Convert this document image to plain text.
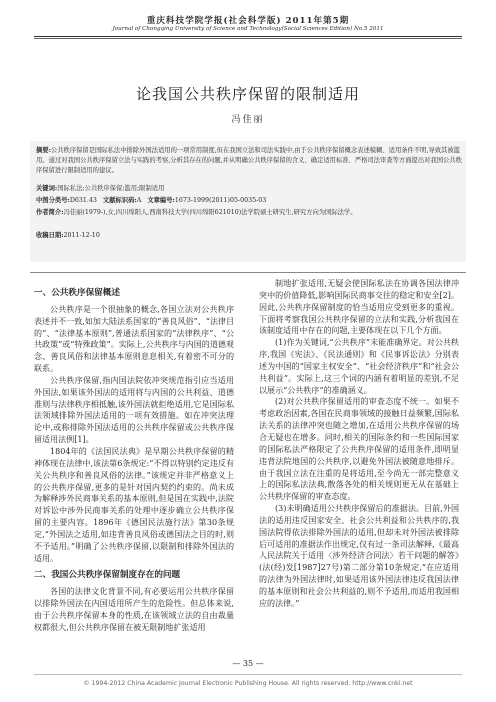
重庆科技学院学报(社会科学版) 2011年第5期
Journal of Chongqing University of Science and Technology(Social Sciences Edition) No.5 2011
论我国公共秩序保留的限制适用
冯佳丽
摘要:公共秩序保留是国际私法中排除外国法适用的一项常用制度,但在我国立法和司法实践中,由于公共秩序保留概念表述模糊、适用条件不明,导致其被滥用。通过对我国公共秩序保留立法与实践的考察,分析其存在的问题,并从明确公共秩序保留的含义、确定适用标准、严格司法审查等方面提出对我国公共秩序保留进行限制适用的建议。
关键词:国际私法;公共秩序保留;滥用;限制适用
中图分类号:D631.43 文献标识码:A 文章编号:1673-1999(2011)05-0035-03
作者简介:冯佳丽(1979-),女,四川绵阳人,西南科技大学(四川绵阳621010)法学院硕士研究生,研究方向为国际法学。
收稿日期:2011-12-10
一、公共秩序保留概述

公共秩序是一个很抽象的概念,各国立法对公共秩序表述并不一致,如加大陆法系国家的“善良风俗”、“法律目的”、“法律基本原则”,普通法系国家的“法律秩序”、“公共政策”或“特殊政策”。实际上,公共秩序与内国的道德观念、善良风俗和法律基本原则息息相关,有着密不可分的联系。

公共秩序保留,指内国法院依冲突规范指引应当适用外国法,如果该外国法的适用将与内国的公共利益、道德准则与法律秩序相抵触,该外国法就拒绝适用,它是国际私法领域排除外国法适用的一项有效措施。如在冲突法理论中,或称排除外国法适用的公共秩序保留或公共秩序保留适用法例[1]。

1804年的《法国民法典》是早期公共秩序保留的精神体现在法律中,该法第6条规定:“不得以特别约定违反有关公共秩序和善良风俗的法律。”该规定并非严格意义上的公共秩序保留,更多的是针对国内契约约束的。尚未成为解释涉外民商事关系的基本原则,但是国在实践中,法院对诉讼中涉外民商事关系的处理中逐步确立公共秩序保留的主要内容。1896年《德国民法施行法》第30条规定,“外国法之适用,如违背善良风俗或德国法之目的时,则不予适用。”明确了公共秩序保留,以限制和排除外国法的适用。

二、我国公共秩序保留制度存在的问题

各国的法律文化背景不同,有必要运用公共秩序保留以排除外国法在内国适用所产生的危险性。但总体来说,由于公共秩序保留本身的性质,在该领域立法的自由裁量权都很大,但公共秩序保留在被无限制地扩张适用

制地扩张适用,无疑会使国际私法在协调各国法律冲突中的价值降低,影响国际民商事交往的稳定和安全[2]。因此,公共秩序保留制度的恰当适用应受到更多的重视。下面将考察我国公共秩序保留的立法和实践,分析我国在该制度适用中存在的问题,主要体现在以下几个方面。

(1)作为关键词,“公共秩序”未能准确界定。对公共秩序,我国《宪法》、《民法通则》和《民事诉讼法》分别表述为中国的“国家主权安全”、“社会经济秩序”和“社会公共利益”。实际上,这三个词的内涵有着明显的差别,不足以展示“公共秩序”的准确涵义。

(2)对公共秩序保留适用的审查态度不统一。如果不考虑政治因素,各国在民商事领域的接触日益频繁,国际私法关系的法律冲突也随之增加,在适用公共秩序保留的场合无疑也在增多。同时,相关的国际条约和一些国际国家的国际私法严格限定了公共秩序保留的适用条件,即明显违背法院地国的公共秩序,以避免外国法被随意地排斥。由于我国立法在注重的是将适用,至今尚无一部完整意义上的国际私法法典,散落各处的相关规则更无从在基础上公共秩序保留的审查态度。

(3)未明确适用公共秩序保留后的准据法。目前,外国法的适用违反国家安全、社会公共利益和公共秩序的,我国法院得依法排除外国法的适用,但却未对外国法被排除后可适用的准据法作出规定,仅有过一条司法解释,《最高人民法院关于适用〈涉外经济合同法〉若干问题的解答》(法(经)发[1987]27号)第二部分第10条规定,“在应适用的法律为外国法律时,如果适用该外国法律违反我国法律的基本原则和社会公共利益的,则不予适用,而适用我国相应的法律。”

— 35 —
© 1994-2012 China Academic Journal Electronic Publishing House. All rights reserved. http://www.cnki.net
